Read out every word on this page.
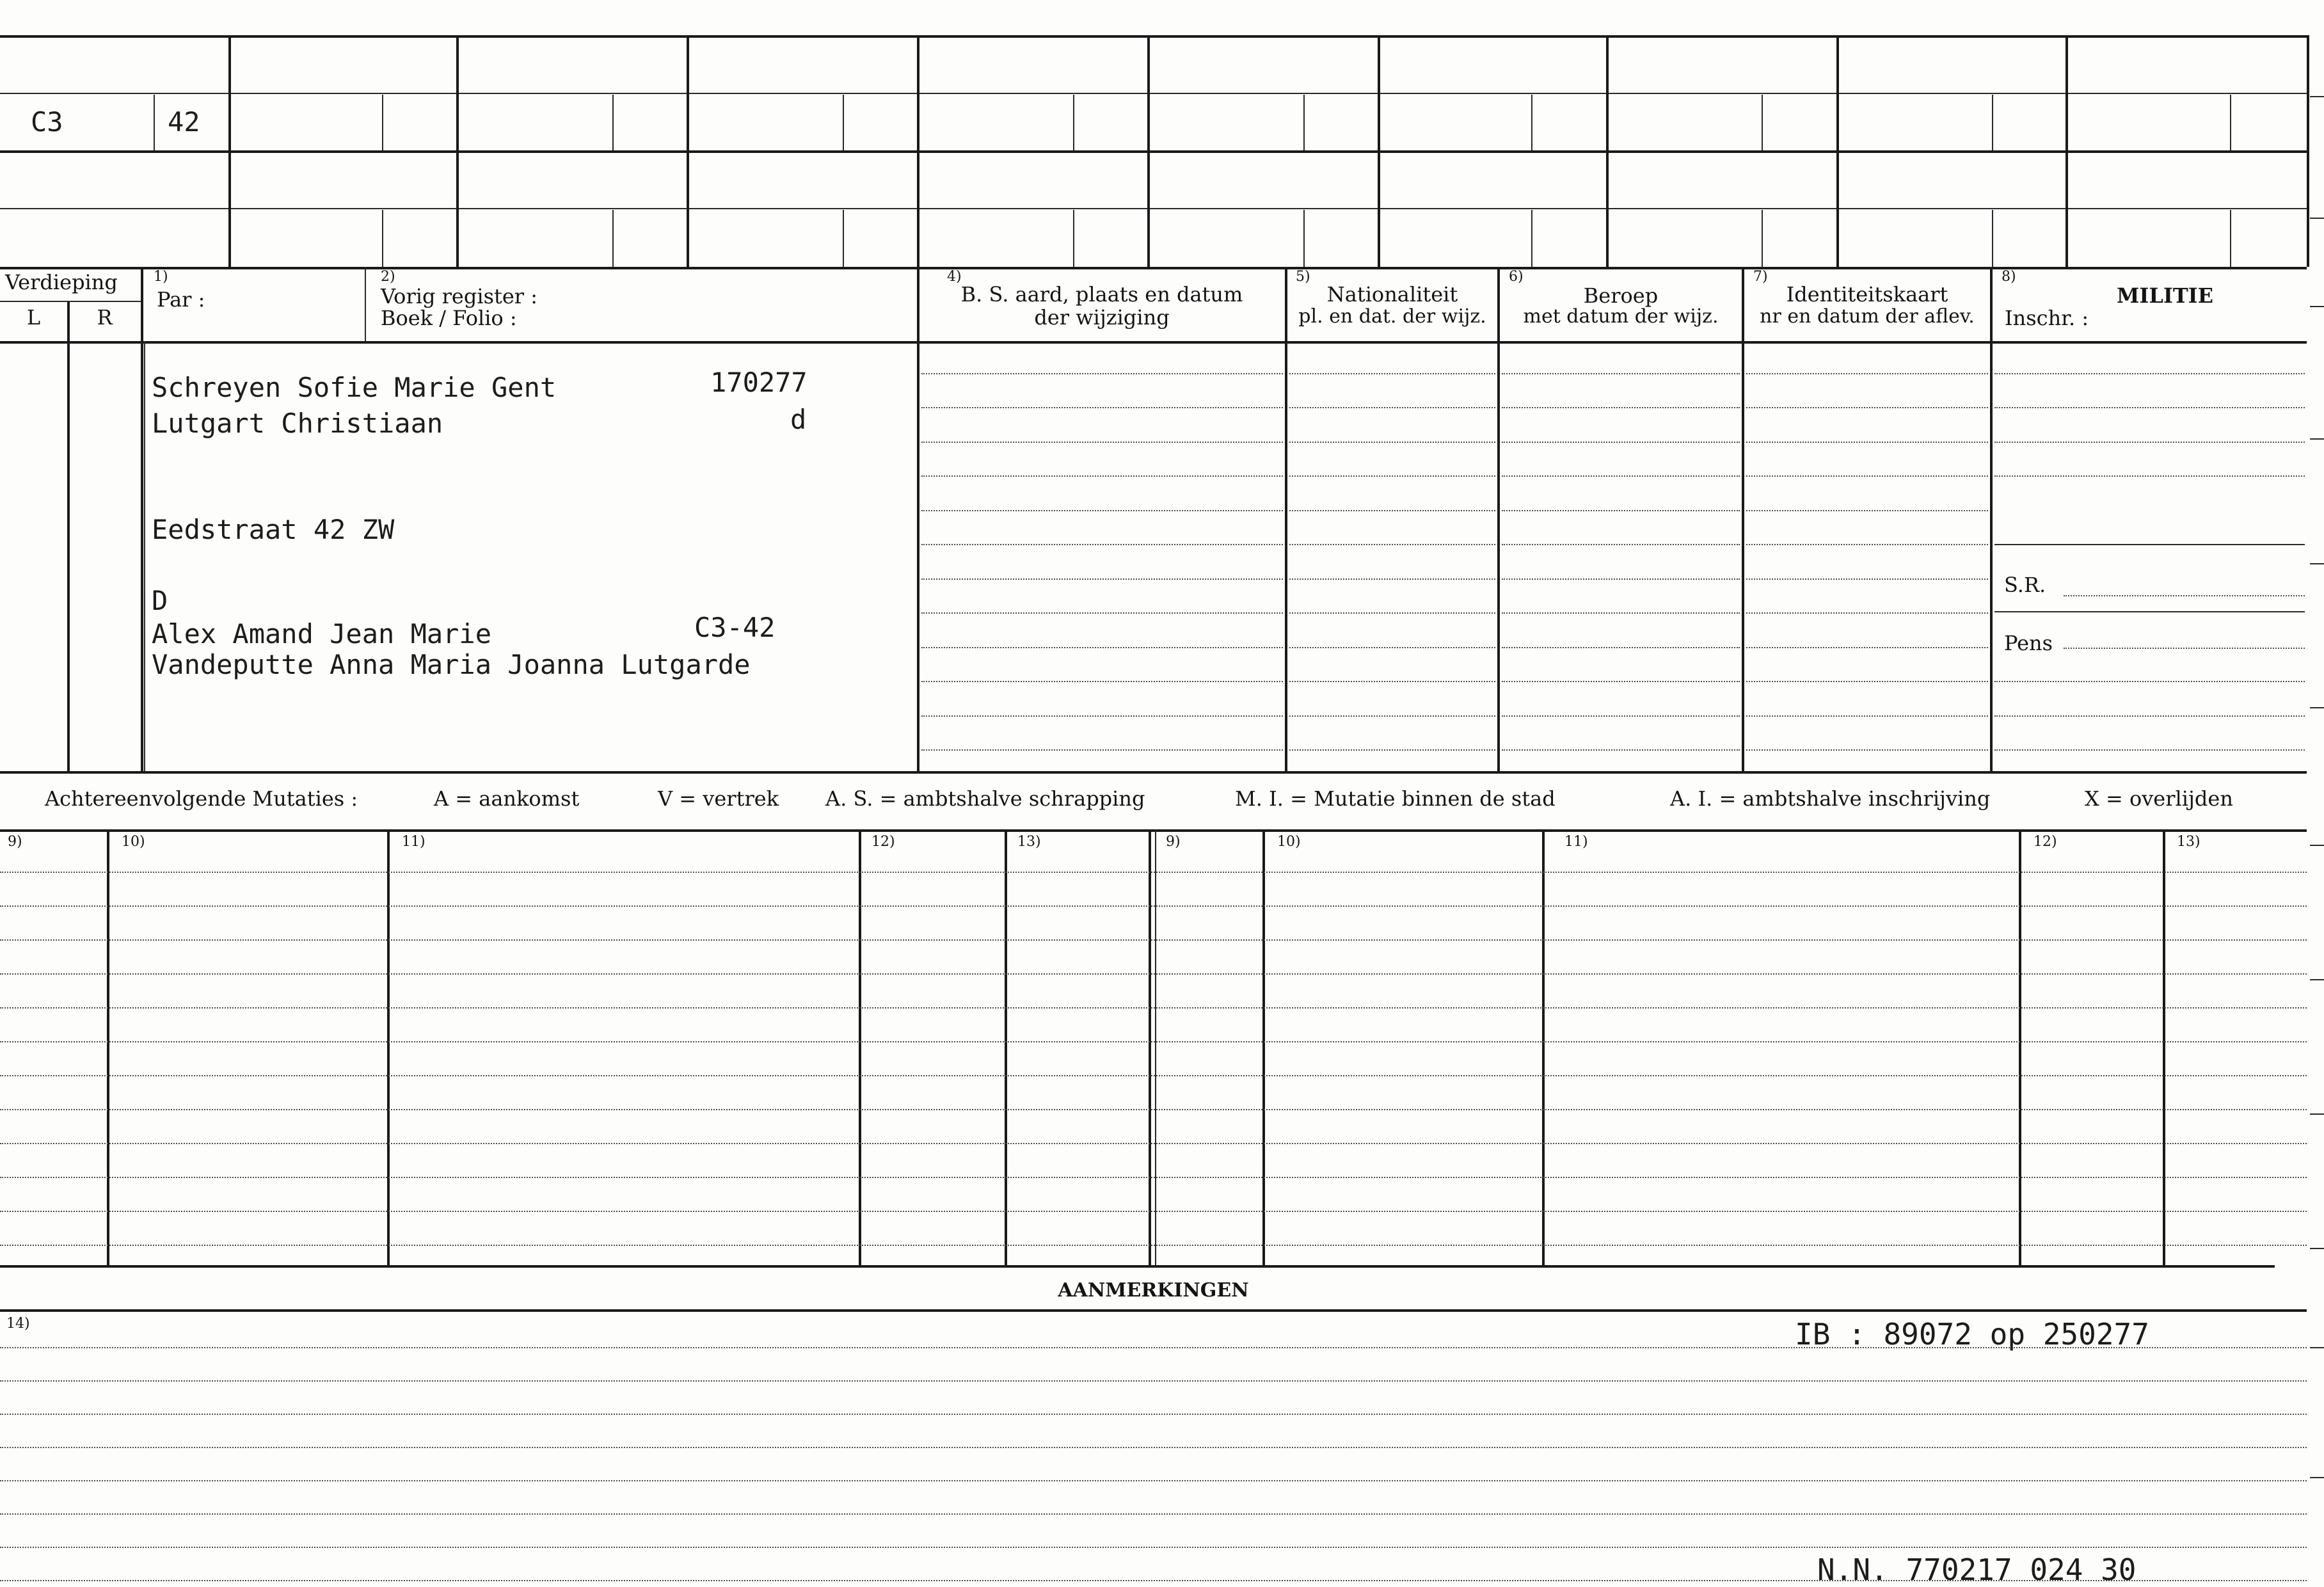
C3	42
Verdieping
L	R
1)
Par :
2)
Vorig register :
Boek / Folio :
4)
B. S. aard, plaats en datum
der wijziging
5)
Nationaliteit
pl. en dat. der wijz.
6)
Beroep
met datum der wijz.
7)
Identiteitskaart
nr en datum der aflev.
8)
MILITIE
Inschr. :
S.R.
Pens
Schreyen Sofie Marie Gent	170277
Lutgart Christiaan	d
Eedstraat 42 ZW
D
Alex Amand Jean Marie	C3-42
Vandeputte Anna Maria Joanna Lutgarde
Achtereenvolgende Mutaties :	A = aankomst	V = vertrek A. S. = ambtshalve schrapping	M. I. = Mutatie binnen de stad	A. I. = ambtshalve inschrijving	X = overlijden
9)	10)	11)	12)	13)	9)	10)	11)	12)	13)
AANMERKINGEN
14)	IB : 89072 op 250277
N.N. 770217 024 30
